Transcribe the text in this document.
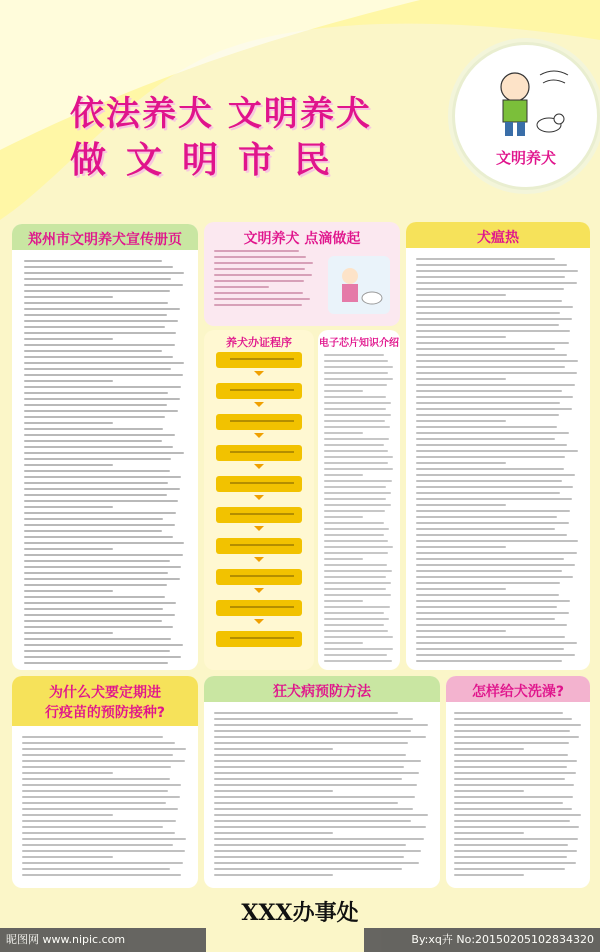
依法养犬 文明养犬
做文明市民	文明养犬
郑州市文明养犬宣传册页	文明养犬 点滴做起	犬瘟热
养犬办证程序	电子芯片知识介绍
为什么犬要定期进
行疫苗的预防接种?
狂犬病预防方法	怎样给犬洗澡?
XXX办事处
昵图网 www.nipic.com	By:xq卉 No:20150205102834320
